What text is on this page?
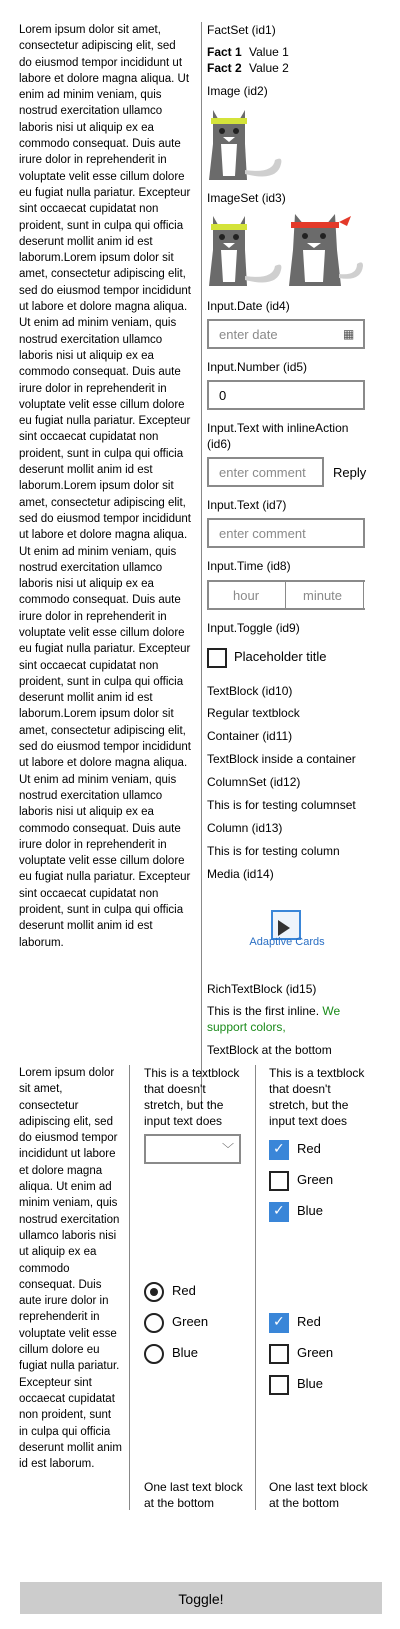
Lorem ipsum dolor sit amet, consectetur adipiscing elit, sed do eiusmod tempor incididunt ut labore et dolore magna aliqua. Ut enim ad minim veniam, quis nostrud exercitation ullamco laboris nisi ut aliquip ex ea commodo consequat. Duis aute irure dolor in reprehenderit in voluptate velit esse cillum dolore eu fugiat nulla pariatur. Excepteur sint occaecat cupidatat non proident, sunt in culpa qui officia deserunt mollit anim id est laborum.Lorem ipsum dolor sit amet, consectetur adipiscing elit, sed do eiusmod tempor incididunt ut labore et dolore magna aliqua. Ut enim ad minim veniam, quis nostrud exercitation ullamco laboris nisi ut aliquip ex ea commodo consequat. Duis aute irure dolor in reprehenderit in voluptate velit esse cillum dolore eu fugiat nulla pariatur. Excepteur sint occaecat cupidatat non proident, sunt in culpa qui officia deserunt mollit anim id est laborum.Lorem ipsum dolor sit amet, consectetur adipiscing elit, sed do eiusmod tempor incididunt ut labore et dolore magna aliqua. Ut enim ad minim veniam, quis nostrud exercitation ullamco laboris nisi ut aliquip ex ea commodo consequat. Duis aute irure dolor in reprehenderit in voluptate velit esse cillum dolore eu fugiat nulla pariatur. Excepteur sint occaecat cupidatat non proident, sunt in culpa qui officia deserunt mollit anim id est laborum.Lorem ipsum dolor sit amet, consectetur adipiscing elit, sed do eiusmod tempor incididunt ut labore et dolore magna aliqua. Ut enim ad minim veniam, quis nostrud exercitation ullamco laboris nisi ut aliquip ex ea commodo consequat. Duis aute irure dolor in reprehenderit in voluptate velit esse cillum dolore eu fugiat nulla pariatur. Excepteur sint occaecat cupidatat non proident, sunt in culpa qui officia deserunt mollit anim id est laborum.
FactSet (id1)
Fact 1 Value 1
Fact 2 Value 2
Image (id2)
ImageSet (id3)
Input.Date (id4)
enter date	▦
Input.Number (id5)
0
Input.Text with inlineAction (id6)
enter comment Reply
Input.Text (id7)
enter comment
Input.Time (id8)
hour	minute
Input.Toggle (id9)
Placeholder title
TextBlock (id10)
Regular textblock
Container (id11)
TextBlock inside a container
ColumnSet (id12)
This is for testing columnset
Column (id13)
This is for testing column
Media (id14)
Adaptive Cards
RichTextBlock (id15)
This is the first inline. We support colors,
TextBlock at the bottom
Lorem ipsum dolor sit amet, consectetur adipiscing elit, sed do eiusmod tempor incididunt ut labore et dolore magna aliqua. Ut enim ad minim veniam, quis nostrud exercitation ullamco laboris nisi ut aliquip ex ea commodo consequat. Duis aute irure dolor in reprehenderit in voluptate velit esse cillum dolore eu fugiat nulla pariatur. Excepteur sint occaecat cupidatat non proident, sunt in culpa qui officia deserunt mollit anim id est laborum.
This is a textblock that doesn't stretch, but the input text does
﹀
Red
Green
Blue
One last text block at the bottom
This is a textblock that doesn't stretch, but the input text does
✓ Red
Green
✓ Blue
✓ Red
Green
Blue
One last text block at the bottom
Toggle!
